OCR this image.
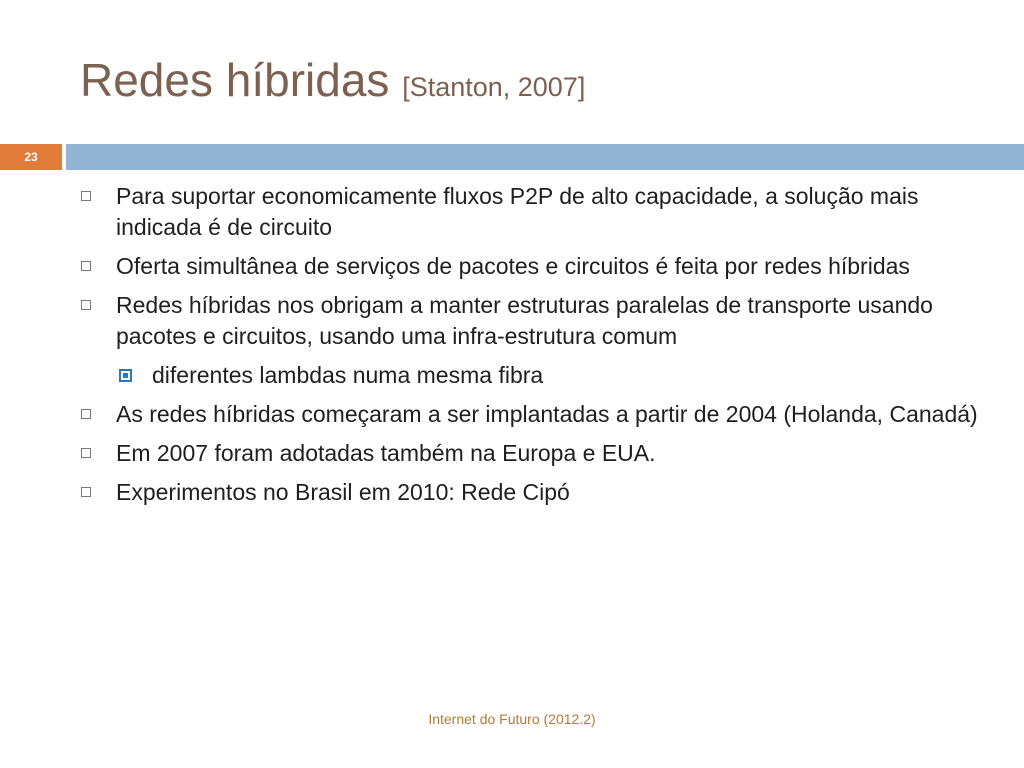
Redes híbridas [Stanton, 2007]
23
Para suportar economicamente fluxos P2P de alto capacidade, a solução mais indicada é de circuito
Oferta simultânea de serviços de pacotes e circuitos é feita por redes híbridas
Redes híbridas nos obrigam a manter estruturas paralelas de transporte usando pacotes e circuitos, usando uma infra-estrutura comum
diferentes lambdas numa mesma fibra
As redes híbridas começaram a ser implantadas a partir de 2004 (Holanda, Canadá)
Em 2007 foram adotadas também na Europa e EUA.
Experimentos no Brasil em 2010: Rede Cipó
Internet do Futuro (2012.2)
